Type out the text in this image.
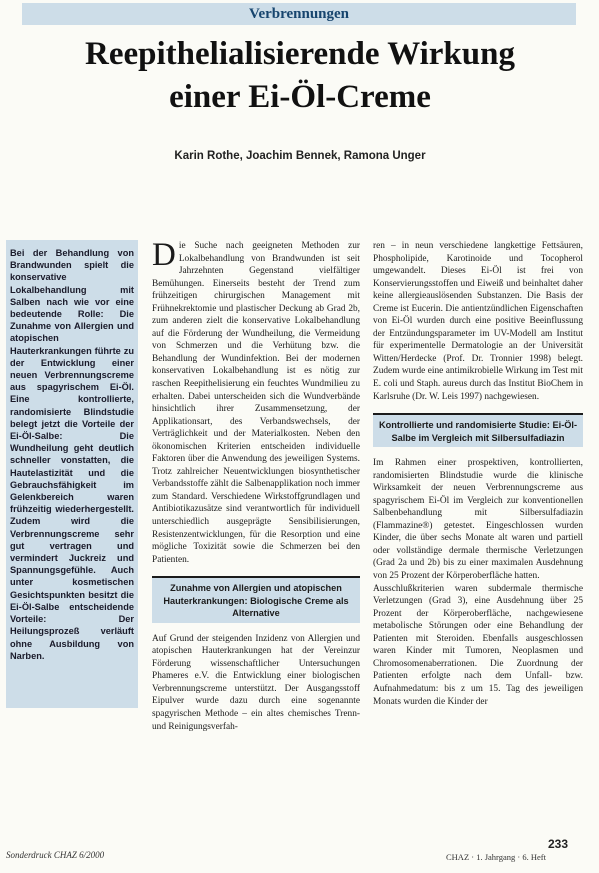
Verbrennungen
Reepithelialisierende Wirkung
einer Ei-Öl-Creme
Karin Rothe, Joachim Bennek, Ramona Unger
Bei der Behandlung von Brandwunden spielt die konservative Lokalbehandlung mit Salben nach wie vor eine bedeutende Rolle: Die Zunahme von Allergien und atopischen Hauterkrankungen führte zu der Entwicklung einer neuen Verbrennungscreme aus spagyrischem Ei-Öl. Eine kontrollierte, randomisierte Blindstudie belegt jetzt die Vorteile der Ei-Öl-Salbe: Die Wundheilung geht deutlich schneller vonstatten, die Hautelastizität und die Gebrauchsfähigkeit im Gelenkbereich waren frühzeitig wiederhergestellt. Zudem wird die Verbrennungscreme sehr gut vertragen und vermindert Juckreiz und Spannungsgefühle. Auch unter kosmetischen Gesichtspunkten besitzt die Ei-Öl-Salbe entscheidende Vorteile: Der Heilungsprozeß verläuft ohne Ausbildung von Narben.

Die Suche nach geeigneten Methoden zur Lokalbehandlung von Brandwunden ist seit Jahrzehnten Gegenstand vielfältiger Bemühungen. Einerseits besteht der Trend zum frühzeitigen chirurgischen Management mit Frühnekrektomie und plastischer Deckung ab Grad 2b, zum anderen zielt die konservative Lokalbehandlung auf die Förderung der Wundheilung, die Vermeidung von Schmerzen und die Verhütung bzw. die Behandlung der Wundinfektion. Bei der modernen konservativen Lokalbehandlung ist es nötig zur raschen Reepithelisierung ein feuchtes Wundmilieu zu erhalten. Dabei unterscheiden sich die Wundverbände hinsichtlich ihrer Zusammensetzung, der Applikationsart, des Verbandswechsels, der Verträglichkeit und der Materialkosten. Neben den ökonomischen Kriterien entscheiden individuelle Faktoren über die Anwendung des jeweiligen Systems. Trotz zahlreicher Neuentwicklungen biosynthetischer Verbandsstoffe zählt die Salbenapplikation noch immer zum Standard. Verschiedene Wirkstoffgrundlagen und Antibiotikazusätze sind verantwortlich für individuell unterschiedlich ausgeprägte Sensibilisierungen, Resistenzentwicklungen, für die Resorption und eine mögliche Toxizität sowie die Schmerzen bei den Patienten.

Zunahme von Allergien und atopischen Hauterkrankungen: Biologische Creme als Alternative

Auf Grund der steigenden Inzidenz von Allergien und atopischen Hauterkrankungen hat der Vereinzur Förderung wissenschaftlicher Untersuchungen Phameres e.V. die Entwicklung einer biologischen Verbrennungscreme unterstützt. Der Ausgangsstoff Eipulver wurde dazu durch eine sogenannte spagyrischen Methode – ein altes chemisches Trenn- und Reinigungsverfah-

ren – in neun verschiedene langkettige Fettsäuren, Phospholipide, Karotinoide und Tocopherol umgewandelt. Dieses Ei-Öl ist frei von Konservierungsstoffen und Eiweiß und beinhaltet daher keine allergieauslösenden Substanzen. Die Basis der Creme ist Eucerin. Die antientzündlichen Eigenschaften von Ei-Öl wurden durch eine positive Beeinflussung der Entzündungsparameter im UV-Modell am Institut für experimentelle Dermatologie an der Universität Witten/Herdecke (Prof. Dr. Tronnier 1998) belegt. Zudem wurde eine antimikrobielle Wirkung im Test mit E. coli und Staph. aureus durch das Institut BioChem in Karlsruhe (Dr. W. Leis 1997) nachgewiesen.

Kontrollierte und randomisierte Studie: Ei-Öl-Salbe im Vergleich mit Silbersulfadiazin

Im Rahmen einer prospektiven, kontrollierten, randomisierten Blindstudie wurde die klinische Wirksamkeit der neuen Verbrennungscreme aus spagyrischem Ei-Öl im Vergleich zur konventionellen Salbenbehandlung mit Silbersulfadiazin (Flammazine®) getestet. Eingeschlossen wurden Kinder, die über sechs Monate alt waren und partiell oder vollständige dermale thermische Verletzungen (Grad 2a und 2b) bis zu einer maximalen Ausdehnung von 25 Prozent der Körperoberfläche hatten.

Ausschlußkriterien waren subdermale thermische Verletzungen (Grad 3), eine Ausdehnung über 25 Prozent der Körperoberfläche, nachgewiesene metabolische Störungen oder eine Behandlung der Patienten mit Steroiden. Ebenfalls ausgeschlossen waren Kinder mit Tumoren, Neoplasmen und Chromosomenaberrationen. Die Zuordnung der Patienten erfolgte nach dem Unfall- bzw. Aufnahmedatum: bis z um 15. Tag des jeweiligen Monats wurden die Kinder der

Sonderdruck CHAZ 6/2000
233
CHAZ · 1. Jahrgang · 6. Heft
